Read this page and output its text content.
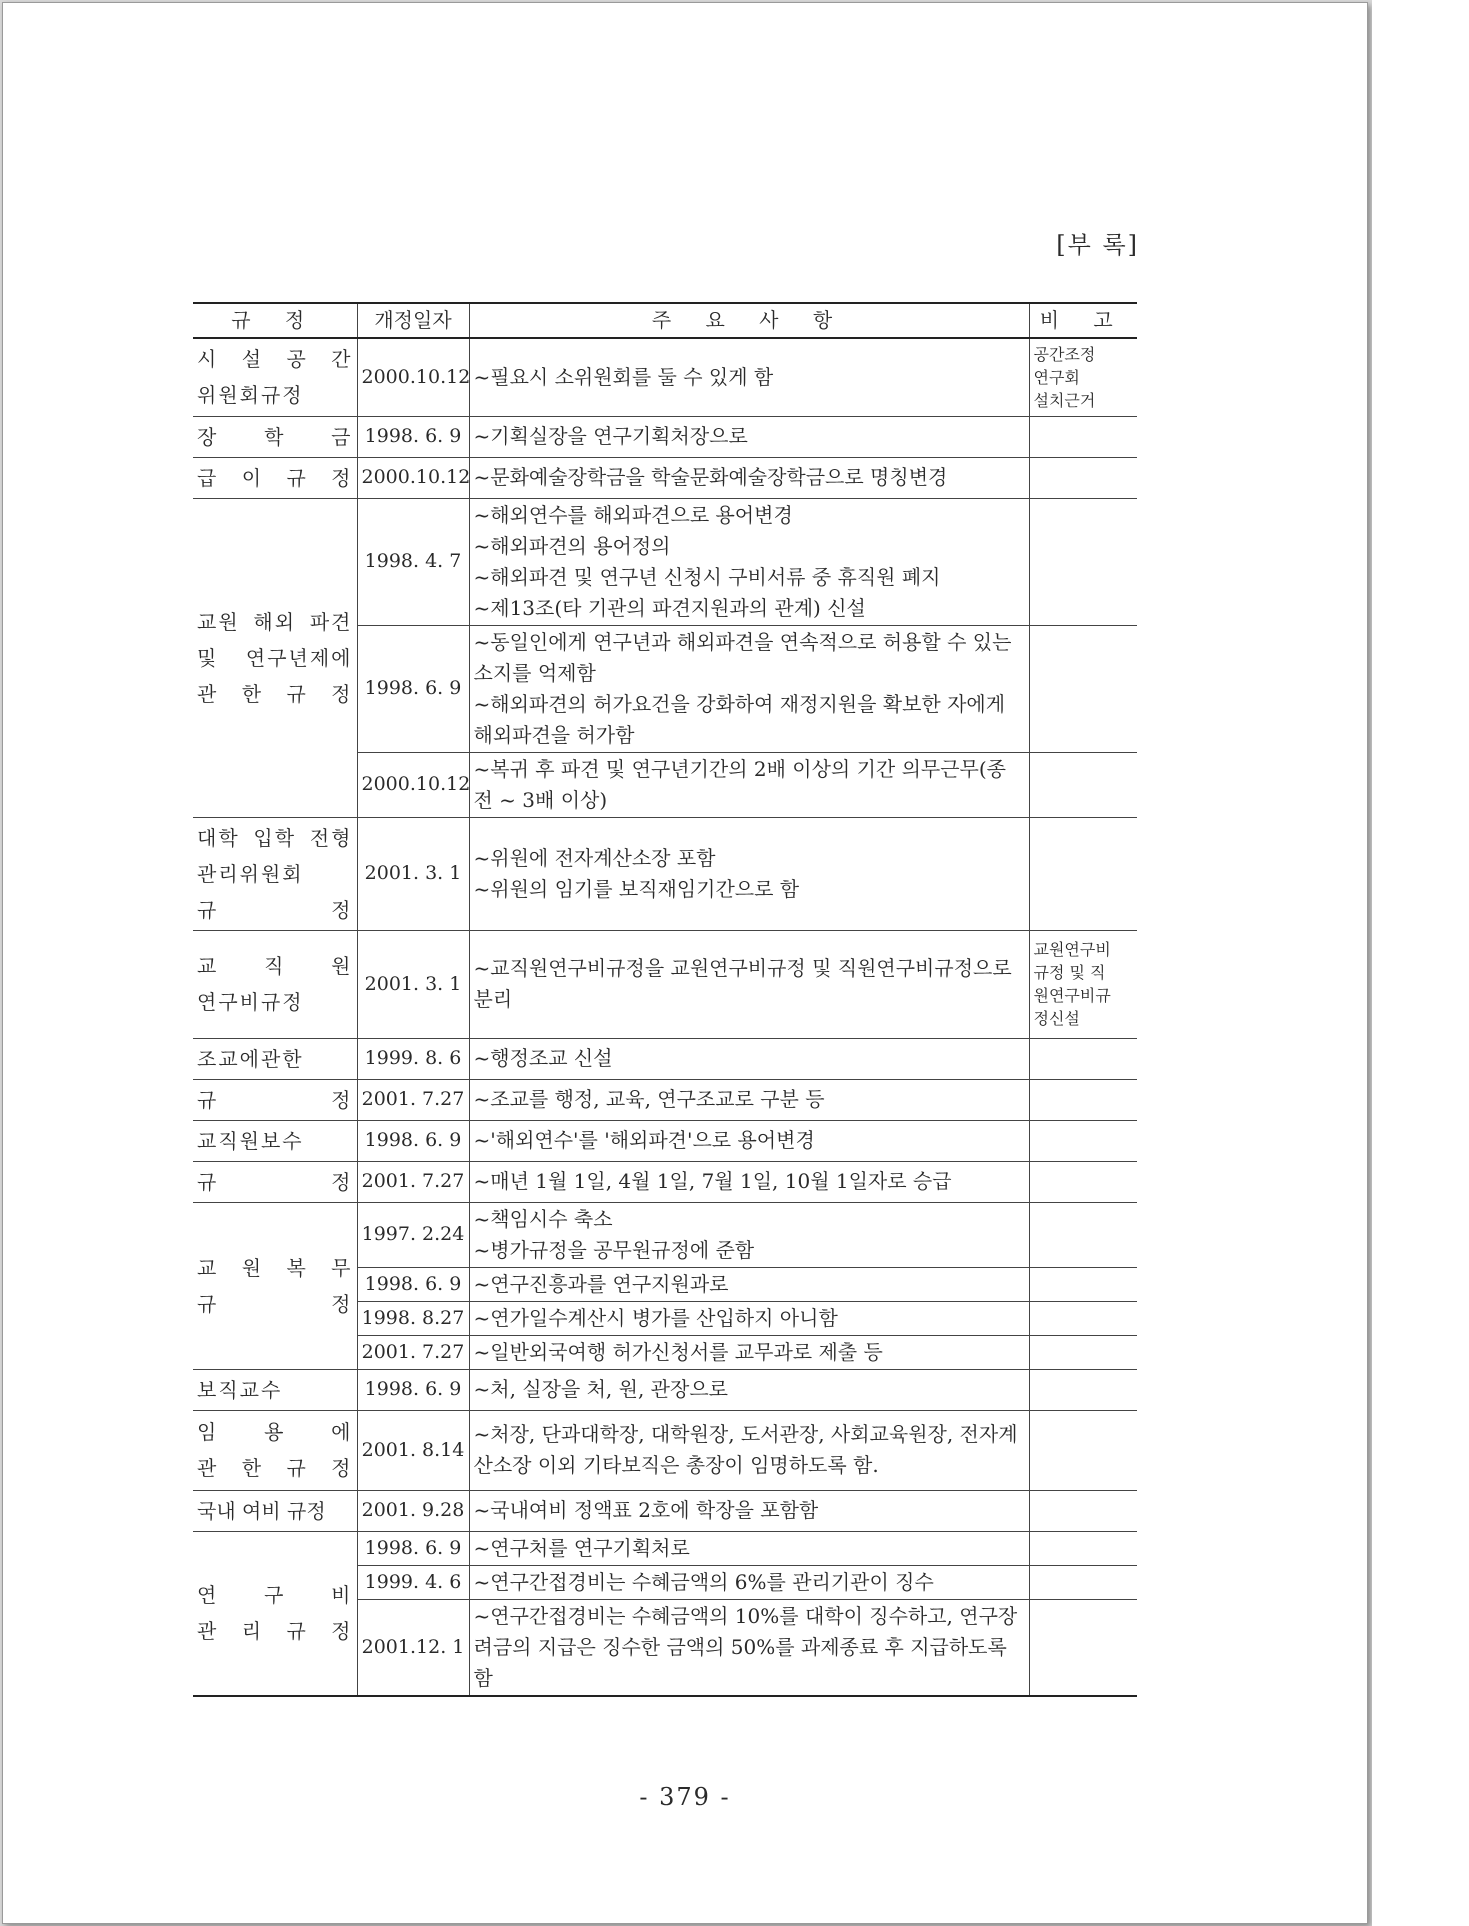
[부 록]
규 정	개정일자	주 요 사 항	비 고
시 설 공 간
위원회규정	2000.10.12	~필요시 소위원회를 둘 수 있게 함	공간조정
연구회
설치근거
장 학 금	1998. 6. 9	~기획실장을 연구기획처장으로	
급 이 규 정	2000.10.12	~문화예술장학금을 학술문화예술장학금으로 명칭변경	
교원 해외 파견
및 연구년제에
관 한 규 정	1998. 4. 7	~해외연수를 해외파견으로 용어변경
~해외파견의 용어정의
~해외파견 및 연구년 신청시 구비서류 중 휴직원 폐지
~제13조(타 기관의 파견지원과의 관계) 신설	
	1998. 6. 9	~동일인에게 연구년과 해외파견을 연속적으로 허용할 수 있는 소지를 억제함
~해외파견의 허가요건을 강화하여 재정지원을 확보한 자에게 해외파견을 허가함	
	2000.10.12	~복귀 후 파견 및 연구년기간의 2배 이상의 기간 의무근무(종전 ~ 3배 이상)	
대학 입학 전형
관리위원회
규 정	2001. 3. 1	~위원에 전자계산소장 포함
~위원의 임기를 보직재임기간으로 함	
교 직 원
연구비규정	2001. 3. 1	~교직원연구비규정을 교원연구비규정 및 직원연구비규정으로 분리	교원연구비
규정 및 직
원연구비규
정신설
조교에관한	1999. 8. 6	~행정조교 신설	
규 정	2001. 7.27	~조교를 행정, 교육, 연구조교로 구분 등	
교직원보수	1998. 6. 9	~'해외연수'를 '해외파견'으로 용어변경	
규 정	2001. 7.27	~매년 1월 1일, 4월 1일, 7월 1일, 10월 1일자로 승급	
교 원 복 무
규 정	1997. 2.24	~책임시수 축소
~병가규정을 공무원규정에 준함	
	1998. 6. 9	~연구진흥과를 연구지원과로	
	1998. 8.27	~연가일수계산시 병가를 산입하지 아니함	
	2001. 7.27	~일반외국여행 허가신청서를 교무과로 제출 등	
보직교수	1998. 6. 9	~처, 실장을 처, 원, 관장으로	
임 용 에
관 한 규 정	2001. 8.14	~처장, 단과대학장, 대학원장, 도서관장, 사회교육원장, 전자계산소장 이외 기타보직은 총장이 임명하도록 함.	
국내 여비 규정	2001. 9.28	~국내여비 정액표 2호에 학장을 포함함	
연 구 비
관 리 규 정	1998. 6. 9	~연구처를 연구기획처로	
	1999. 4. 6	~연구간접경비는 수혜금액의 6%를 관리기관이 징수	
	2001.12. 1	~연구간접경비는 수혜금액의 10%를 대학이 징수하고, 연구장려금의 지급은 징수한 금액의 50%를 과제종료 후 지급하도록 함	
- 379 -
